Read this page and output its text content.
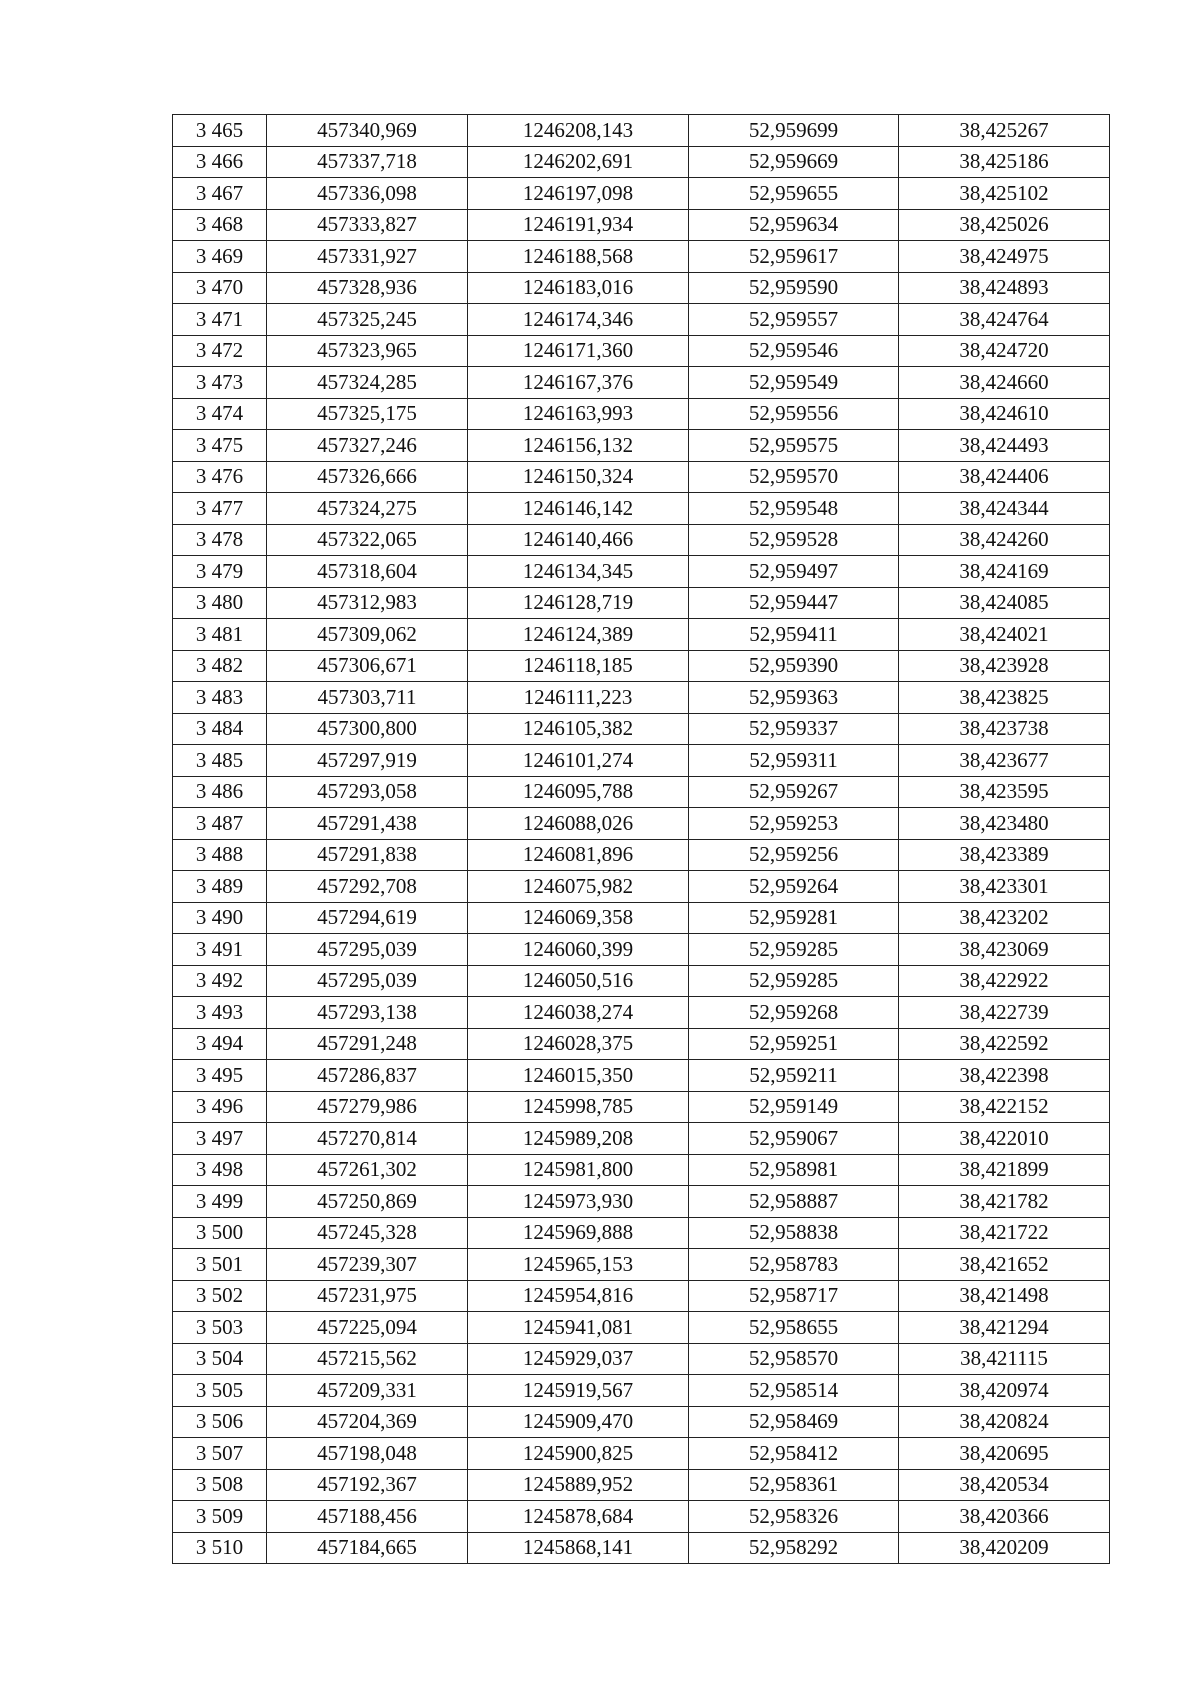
3 465	457340,969	1246208,143	52,959699	38,425267
3 466	457337,718	1246202,691	52,959669	38,425186
3 467	457336,098	1246197,098	52,959655	38,425102
3 468	457333,827	1246191,934	52,959634	38,425026
3 469	457331,927	1246188,568	52,959617	38,424975
3 470	457328,936	1246183,016	52,959590	38,424893
3 471	457325,245	1246174,346	52,959557	38,424764
3 472	457323,965	1246171,360	52,959546	38,424720
3 473	457324,285	1246167,376	52,959549	38,424660
3 474	457325,175	1246163,993	52,959556	38,424610
3 475	457327,246	1246156,132	52,959575	38,424493
3 476	457326,666	1246150,324	52,959570	38,424406
3 477	457324,275	1246146,142	52,959548	38,424344
3 478	457322,065	1246140,466	52,959528	38,424260
3 479	457318,604	1246134,345	52,959497	38,424169
3 480	457312,983	1246128,719	52,959447	38,424085
3 481	457309,062	1246124,389	52,959411	38,424021
3 482	457306,671	1246118,185	52,959390	38,423928
3 483	457303,711	1246111,223	52,959363	38,423825
3 484	457300,800	1246105,382	52,959337	38,423738
3 485	457297,919	1246101,274	52,959311	38,423677
3 486	457293,058	1246095,788	52,959267	38,423595
3 487	457291,438	1246088,026	52,959253	38,423480
3 488	457291,838	1246081,896	52,959256	38,423389
3 489	457292,708	1246075,982	52,959264	38,423301
3 490	457294,619	1246069,358	52,959281	38,423202
3 491	457295,039	1246060,399	52,959285	38,423069
3 492	457295,039	1246050,516	52,959285	38,422922
3 493	457293,138	1246038,274	52,959268	38,422739
3 494	457291,248	1246028,375	52,959251	38,422592
3 495	457286,837	1246015,350	52,959211	38,422398
3 496	457279,986	1245998,785	52,959149	38,422152
3 497	457270,814	1245989,208	52,959067	38,422010
3 498	457261,302	1245981,800	52,958981	38,421899
3 499	457250,869	1245973,930	52,958887	38,421782
3 500	457245,328	1245969,888	52,958838	38,421722
3 501	457239,307	1245965,153	52,958783	38,421652
3 502	457231,975	1245954,816	52,958717	38,421498
3 503	457225,094	1245941,081	52,958655	38,421294
3 504	457215,562	1245929,037	52,958570	38,421115
3 505	457209,331	1245919,567	52,958514	38,420974
3 506	457204,369	1245909,470	52,958469	38,420824
3 507	457198,048	1245900,825	52,958412	38,420695
3 508	457192,367	1245889,952	52,958361	38,420534
3 509	457188,456	1245878,684	52,958326	38,420366
3 510	457184,665	1245868,141	52,958292	38,420209
